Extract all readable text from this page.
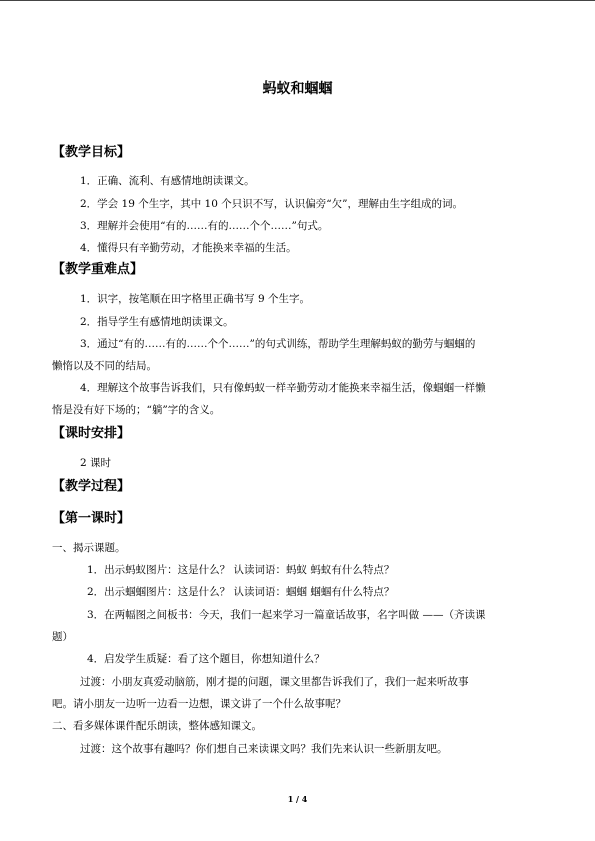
蚂蚁和蝈蝈
【教学目标】
1．正确、流利、有感情地朗读课文。
2．学会 19 个生字，其中 10 个只识不写，认识偏旁“欠”，理解由生字组成的词。
3．理解并会使用“有的……有的……个个……”句式。
4．懂得只有辛勤劳动，才能换来幸福的生活。
【教学重难点】
1．识字，按笔顺在田字格里正确书写 9 个生字。
2．指导学生有感情地朗读课文。
3．通过“有的……有的……个个……”的句式训练，帮助学生理解蚂蚁的勤劳与蝈蝈的
懒惰以及不同的结局。
4．理解这个故事告诉我们，只有像蚂蚁一样辛勤劳动才能换来幸福生活，像蝈蝈一样懒
惰是没有好下场的；“躺”字的含义。
【课时安排】
2 课时
【教学过程】
【第一课时】
一、揭示课题。
1．出示蚂蚁图片：这是什么？ 认读词语：蚂蚁 蚂蚁有什么特点？
2．出示蝈蝈图片：这是什么？ 认读词语：蝈蝈 蝈蝈有什么特点？
3．在两幅图之间板书：今天，我们一起来学习一篇童话故事，名字叫做 ——（齐读课
题）
4．启发学生质疑：看了这个题目，你想知道什么？
过渡：小朋友真爱动脑筋，刚才提的问题，课文里都告诉我们了，我们一起来听故事
吧。请小朋友一边听一边看一边想，课文讲了一个什么故事呢？
二、看多媒体课件配乐朗读，整体感知课文。
过渡：这个故事有趣吗？你们想自己来读课文吗？我们先来认识一些新朋友吧。
1 / 4
